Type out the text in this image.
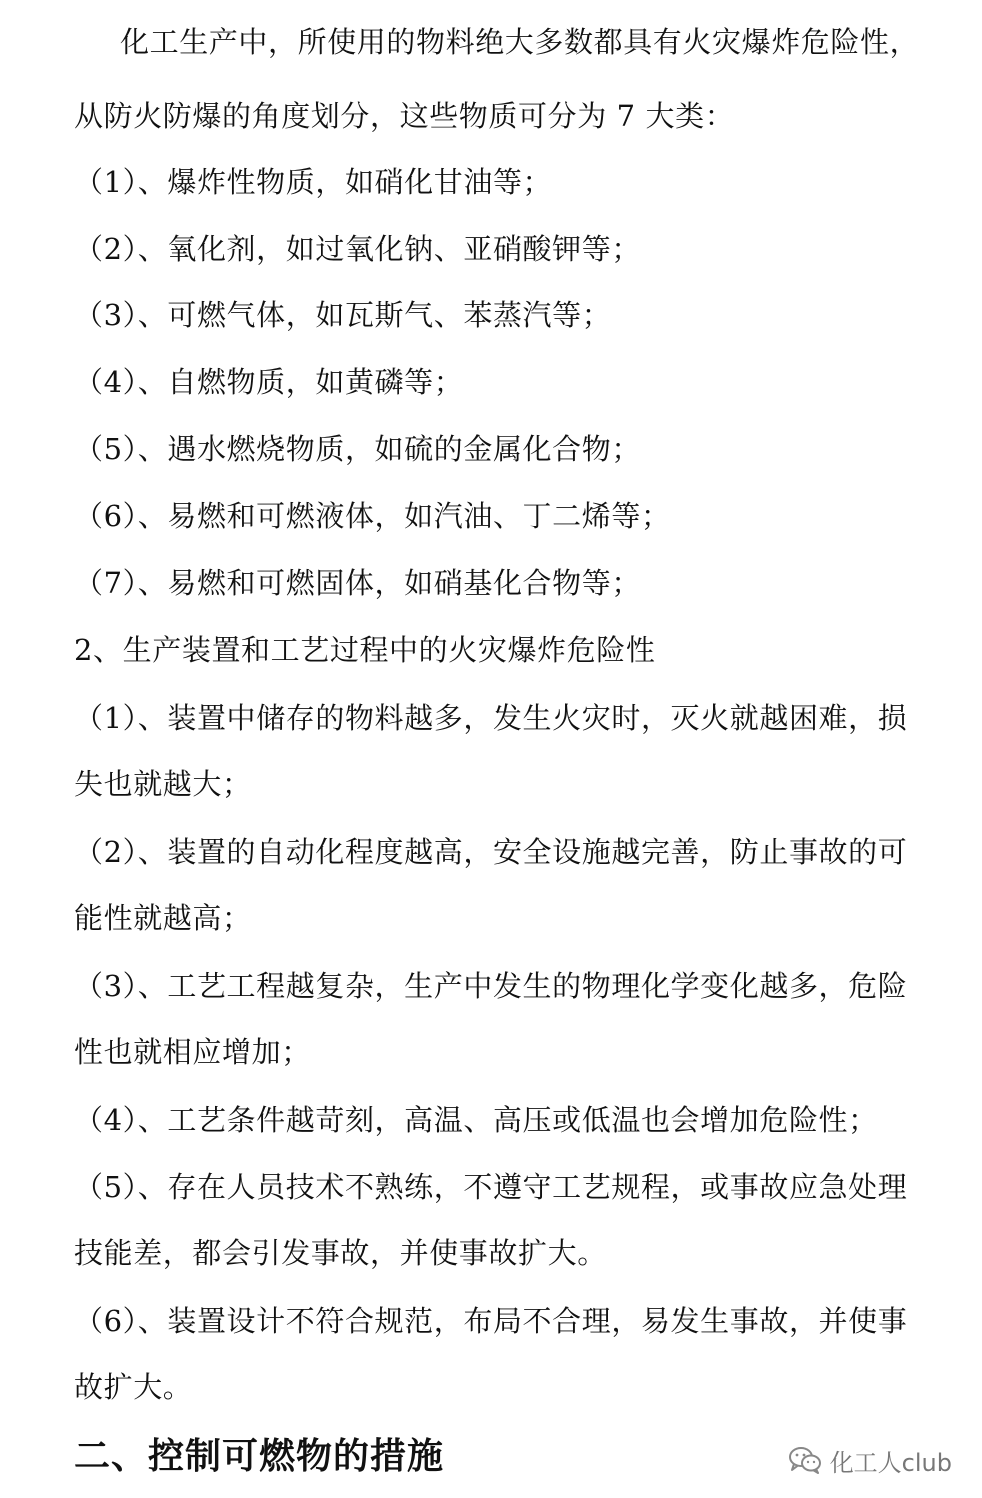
化工生产中，所使用的物料绝大多数都具有火灾爆炸危险性，
从防火防爆的角度划分，这些物质可分为 7 大类：
（1）、爆炸性物质，如硝化甘油等；
（2）、氧化剂，如过氧化钠、亚硝酸钾等；
（3）、可燃气体，如瓦斯气、苯蒸汽等；
（4）、自燃物质，如黄磷等；
（5）、遇水燃烧物质，如硫的金属化合物；
（6）、易燃和可燃液体，如汽油、丁二烯等；
（7）、易燃和可燃固体，如硝基化合物等；
2、生产装置和工艺过程中的火灾爆炸危险性
（1）、装置中储存的物料越多，发生火灾时，灭火就越困难，损
失也就越大；
（2）、装置的自动化程度越高，安全设施越完善，防止事故的可
能性就越高；
（3）、工艺工程越复杂，生产中发生的物理化学变化越多，危险
性也就相应增加；
（4）、工艺条件越苛刻，高温、高压或低温也会增加危险性；
（5）、存在人员技术不熟练，不遵守工艺规程，或事故应急处理
技能差，都会引发事故，并使事故扩大。
（6）、装置设计不符合规范，布局不合理，易发生事故，并使事
故扩大。
二、控制可燃物的措施	化工人club
